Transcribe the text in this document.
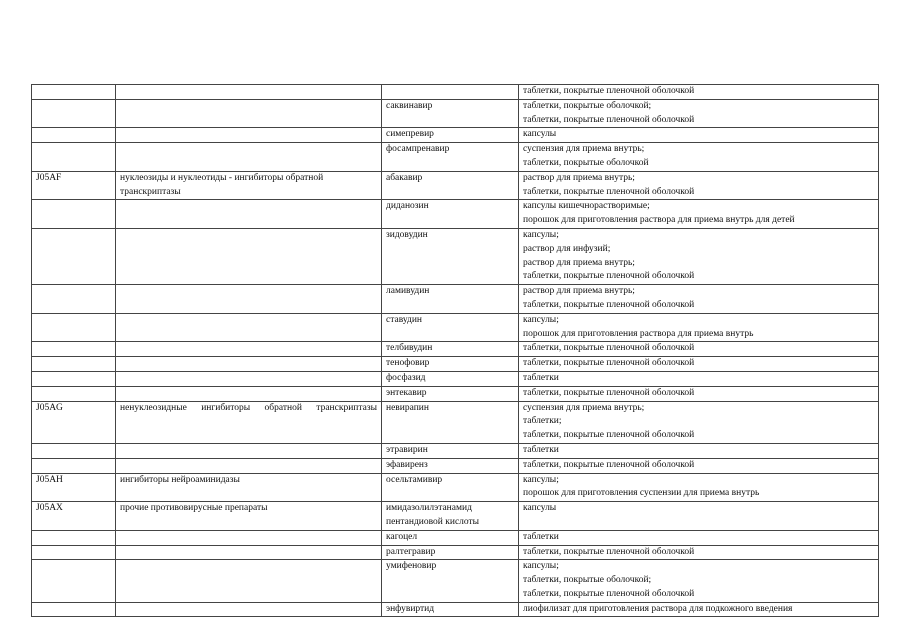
			таблетки, покрытые пленочной оболочкой

		саквинавир	таблетки, покрытые оболочкой;
таблетки, покрытые пленочной оболочкой

		симепревир	капсулы

		фосампренавир	суспензия для приема внутрь;
таблетки, покрытые оболочкой

J05AF	нуклеозиды и нуклеотиды - ингибиторы обратной транскриптазы	абакавир	раствор для приема внутрь;
таблетки, покрытые пленочной оболочкой

		диданозин	капсулы кишечнорастворимые;
порошок для приготовления раствора для приема внутрь для детей

		зидовудин	капсулы;
раствор для инфузий;
раствор для приема внутрь;
таблетки, покрытые пленочной оболочкой

		ламивудин	раствор для приема внутрь;
таблетки, покрытые пленочной оболочкой

		ставудин	капсулы;
порошок для приготовления раствора для приема внутрь

		телбивудин	таблетки, покрытые пленочной оболочкой

		тенофовир	таблетки, покрытые пленочной оболочкой

		фосфазид	таблетки

		энтекавир	таблетки, покрытые пленочной оболочкой

J05AG	ненуклеозидные ингибиторы обратной транскриптазы	невирапин	суспензия для приема внутрь;
таблетки;
таблетки, покрытые пленочной оболочкой

		этравирин	таблетки

		эфавиренз	таблетки, покрытые пленочной оболочкой

J05AH	ингибиторы нейроаминидазы	осельтамивир	капсулы;
порошок для приготовления суспензии для приема внутрь

J05AX	прочие противовирусные препараты	имидазолилэтанамид
пентандиовой кислоты	капсулы

		кагоцел	таблетки

		ралтегравир	таблетки, покрытые пленочной оболочкой

		умифеновир	капсулы;
таблетки, покрытые оболочкой;
таблетки, покрытые пленочной оболочкой

		энфувиртид	лиофилизат для приготовления раствора для подкожного введения
